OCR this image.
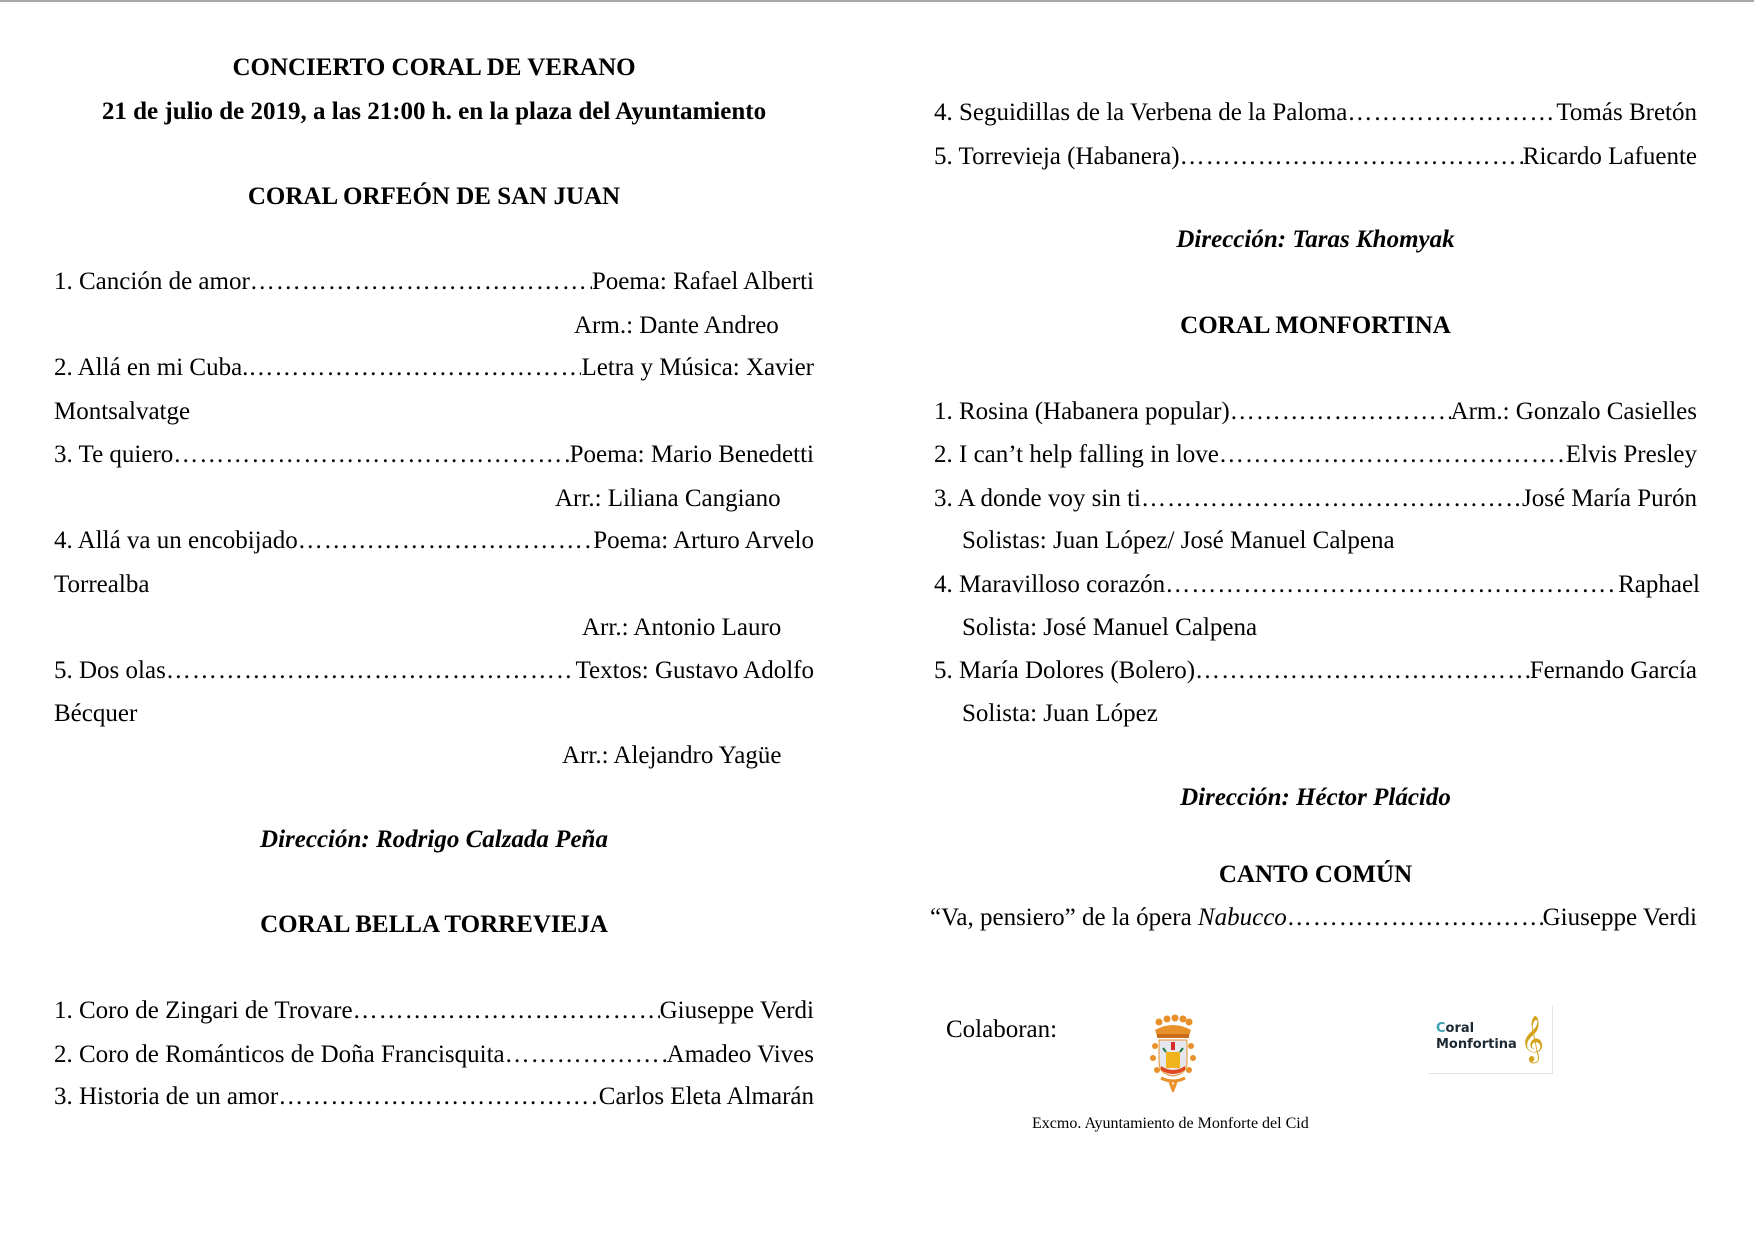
CONCIERTO CORAL DE VERANO
21 de julio de 2019, a las 21:00 h. en la plaza del Ayuntamiento
CORAL ORFEÓN DE SAN JUAN
1. Canción de amor ……………………………………………………………………………………………………………………………………	Poema: Rafael Alberti
Arm.: Dante Andreo
2. Allá en mi Cuba. ……………………………………………………………………………………………………………………………………	Letra y Música: Xavier
Montsalvatge
3. Te quiero ……………………………………………………………………………………………………………………………………	Poema: Mario Benedetti
Arr.: Liliana Cangiano
4. Allá va un encobijado ……………………………………………………………………………………………………………………………………	Poema: Arturo Arvelo
Torrealba
Arr.: Antonio Lauro
5. Dos olas ……………………………………………………………………………………………………………………………………	Textos: Gustavo Adolfo
Bécquer
Arr.: Alejandro Yagüe
Dirección: Rodrigo Calzada Peña
CORAL BELLA TORREVIEJA
1. Coro de Zingari de Trovare ……………………………………………………………………………………………………………………………………	Giuseppe Verdi
2. Coro de Románticos de Doña Francisquita ……………………………………………………………………………………………………………………………………	Amadeo Vives
3. Historia de un amor ……………………………………………………………………………………………………………………………………	Carlos Eleta Almarán
4. Seguidillas de la Verbena de la Paloma ……………………………………………………………………………………………………………………………………	Tomás Bretón
5. Torrevieja (Habanera) ……………………………………………………………………………………………………………………………………	Ricardo Lafuente
Dirección: Taras Khomyak
CORAL MONFORTINA
1. Rosina (Habanera popular) ……………………………………………………………………………………………………………………………………	Arm.: Gonzalo Casielles
2. I can’t help falling in love ……………………………………………………………………………………………………………………………………	Elvis Presley
3. A donde voy sin ti ……………………………………………………………………………………………………………………………………	José María Purón
Solistas: Juan López/ José Manuel Calpena
4. Maravilloso corazón ……………………………………………………………………………………………………………………………………	Raphael
Solista: José Manuel Calpena
5. María Dolores (Bolero) ……………………………………………………………………………………………………………………………………	Fernando García
Solista: Juan López
Dirección: Héctor Plácido
CANTO COMÚN
“Va, pensiero” de la ópera Nabucco ……………………………………………………………………………………………………………………………………	Giuseppe Verdi
Colaboran:	Coral
Monfortina 𝄞
Excmo. Ayuntamiento de Monforte del Cid
